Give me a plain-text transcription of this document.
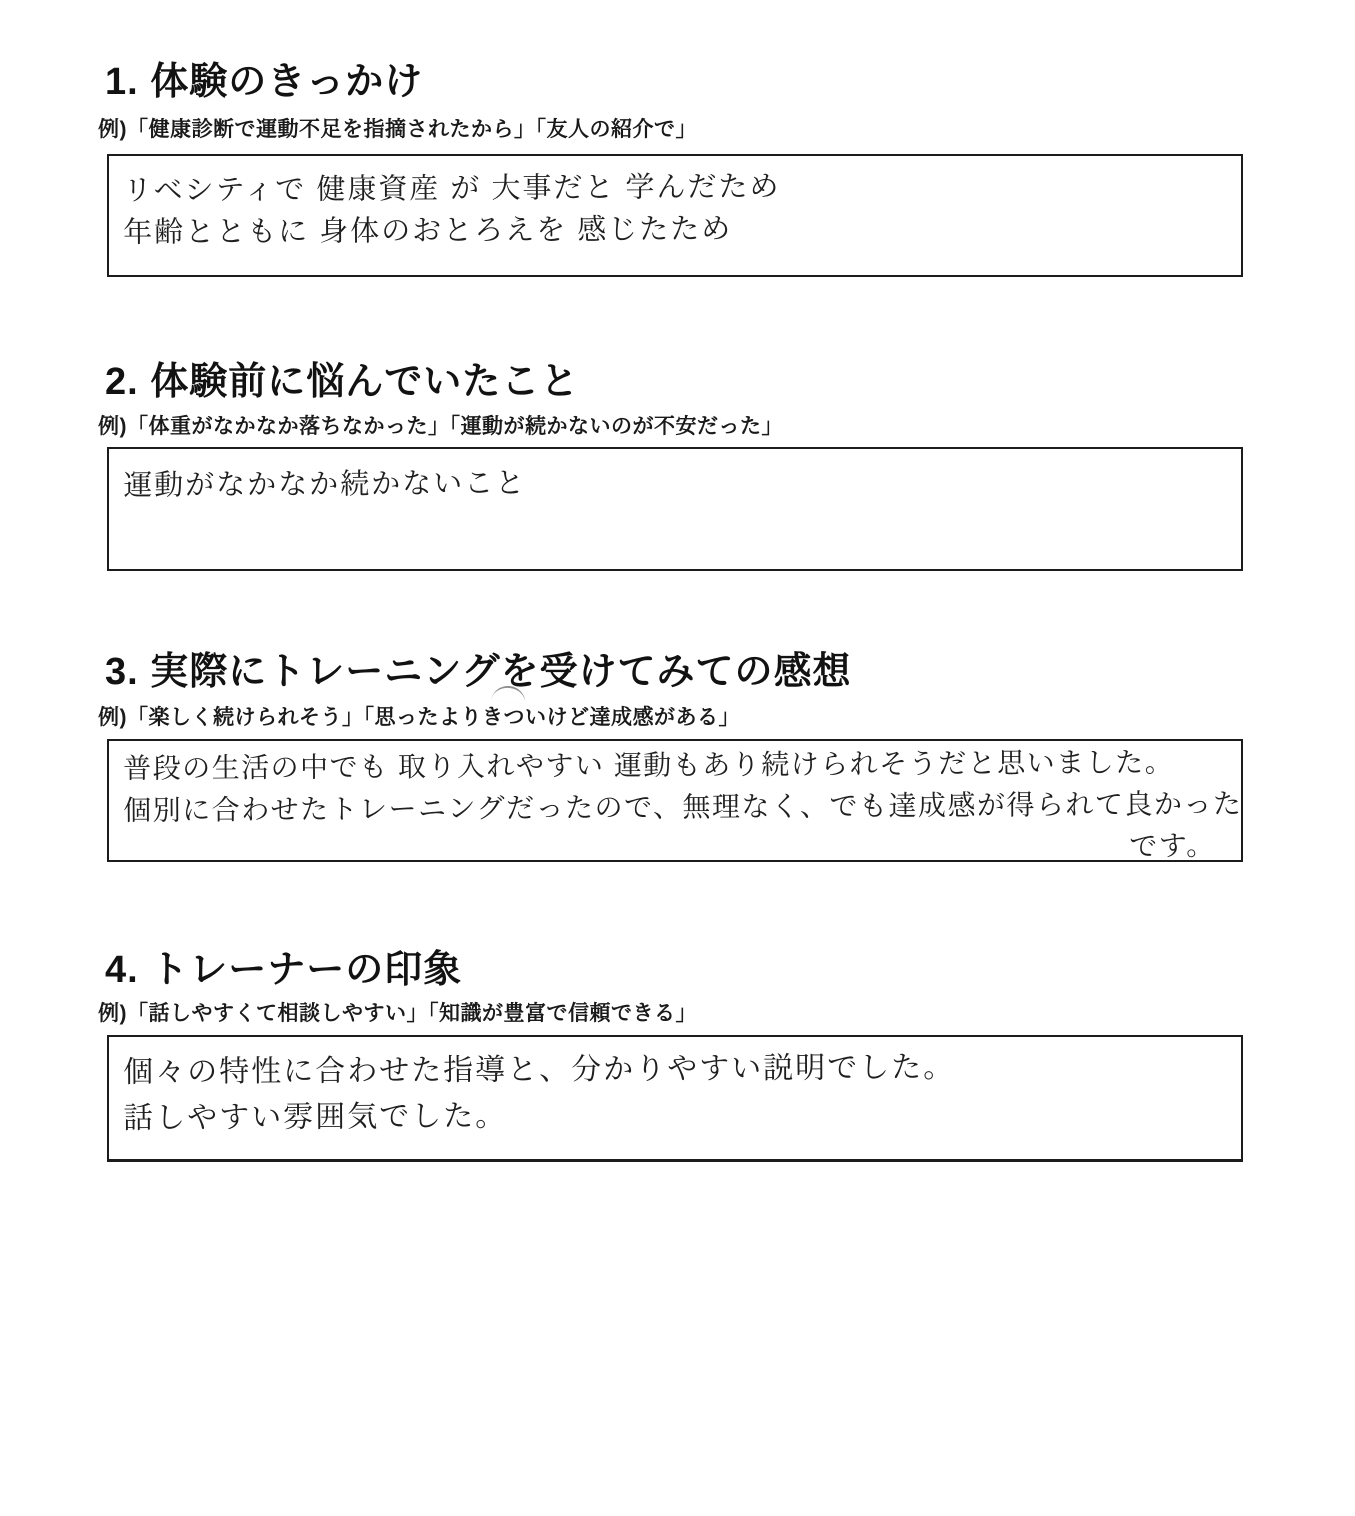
1. 体験のきっかけ
例)「健康診断で運動不足を指摘されたから」「友人の紹介で」
リベシティで 健康資産 が 大事だと 学んだため
年齢とともに 身体のおとろえを 感じたため
2. 体験前に悩んでいたこと
例)「体重がなかなか落ちなかった」「運動が続かないのが不安だった」
運動がなかなか続かないこと
3. 実際にトレーニングを受けてみての感想
例)「楽しく続けられそう」「思ったよりきついけど達成感がある」
普段の生活の中でも 取り入れやすい 運動もあり続けられそうだと思いました。
個別に合わせたトレーニングだったので、無理なく、でも達成感が得られて良かった
です。
4. トレーナーの印象
例)「話しやすくて相談しやすい」「知識が豊富で信頼できる」
個々の特性に合わせた指導と、分かりやすい説明でした。
話しやすい雰囲気でした。
